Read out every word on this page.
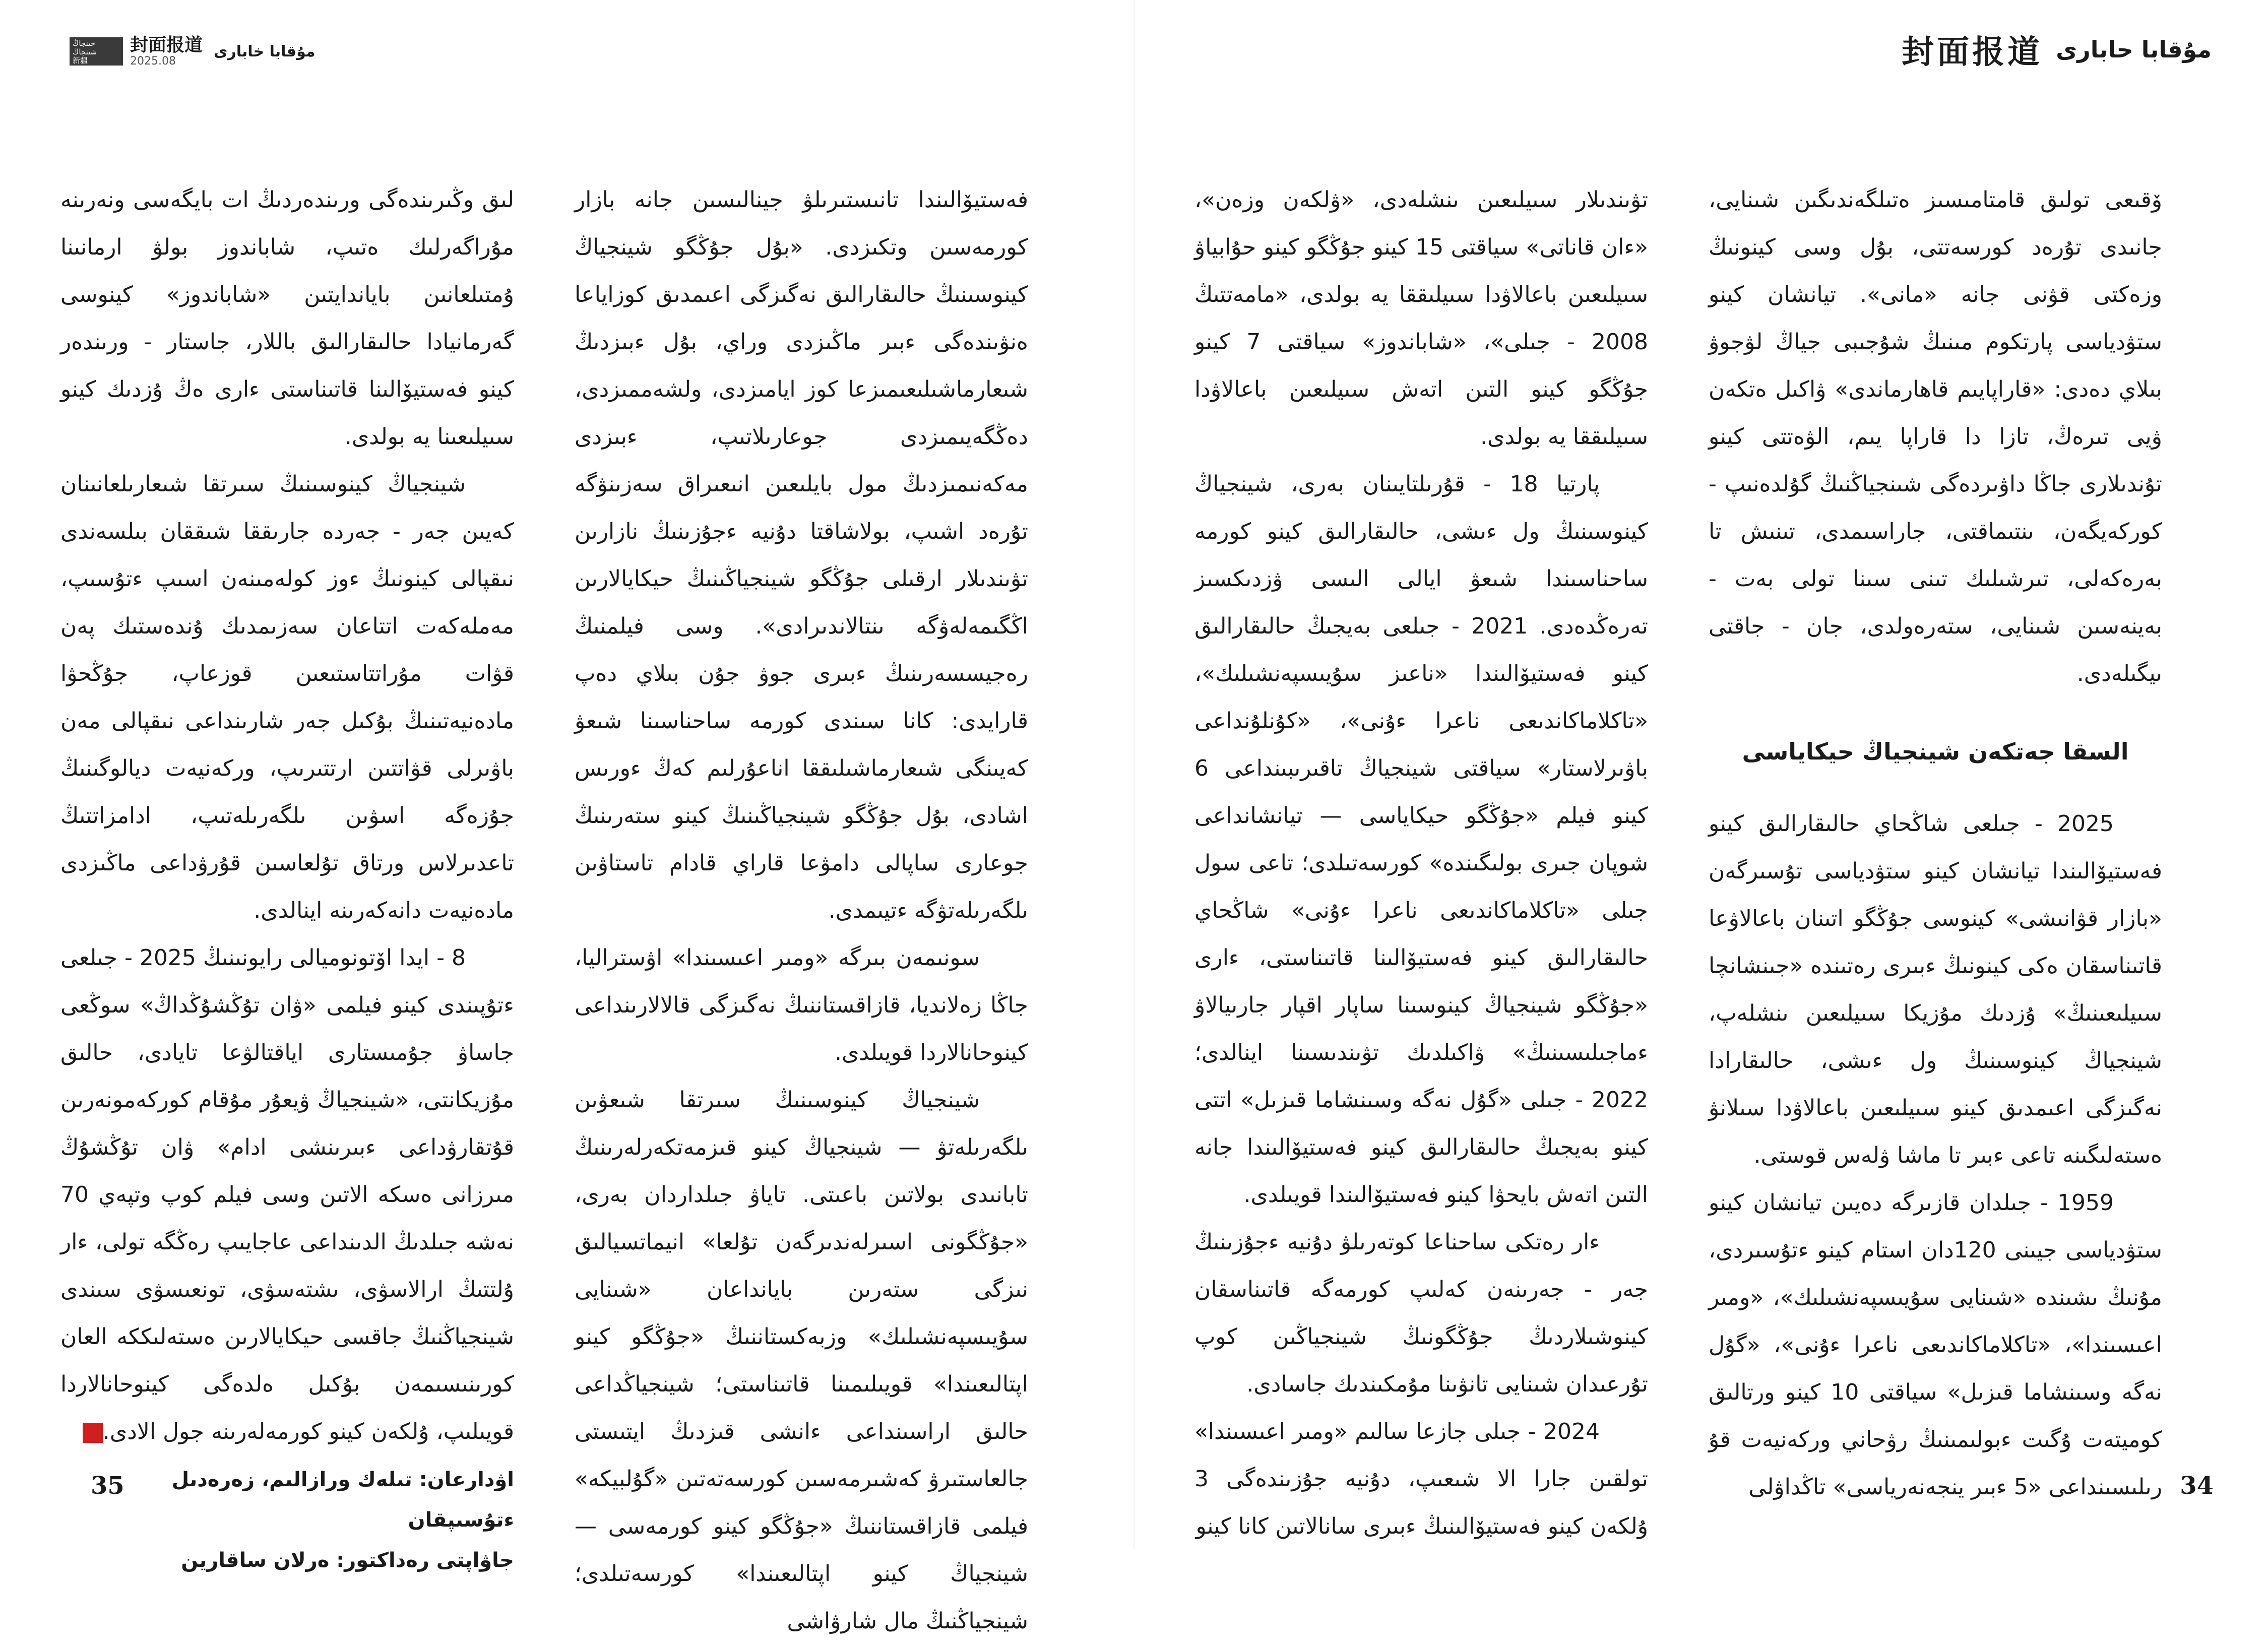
خىنجاڭ
شىنجاڭ
新疆
封面报道
2025.08
مۇقابا خابارى

لىق وڭىرىندەگى ورىندەردىڭ ات بايگەسى ونەرىنە مۇراگەرلىك ەتىپ، شاباندوز بولۋ ارمانىنا ۇمتىلعانىن باياندايتىن «شاباندوز» كينوسى گەرمانيادا حالىقارالىق باللار، جاستار - ورىندەر كينو فەستيۆالىنا قاتىناستى ءارى ەڭ ۇزدىك كينو سىيلىعىنا يە بولدى.

شينجياڭ كينوسىنىڭ سىرتقا شىعارىلعانىنان كەيىن جەر - جەردە جارىققا شىققان بىلسەندى نىقپالى كينونىڭ ءوز كولەمىنەن اسىپ ءتۇسىپ، مەملەكەت اتتاعان سەزىمدىك ۇندەستىك پەن قۋات مۇراتتاستىعىن قوزعاپ، جۇڭحۋا مادەنيەتىنىڭ بۇكىل جەر شارىنداعى نىقپالى مەن باۋىرلى قۋاتتىن ارتتىرىپ، وركەنيەت ديالوگىنىڭ جۇزەگە اسۋىن ىلگەرىلەتىپ، ادامزاتتىڭ تاعدىرلاس ورتاق تۇلعاسىن قۇرۋداعى ماڭىزدى مادەنيەت دانەكەرىنە اينالدى.

8 - ايدا اۆتونوميالى رايونىنىڭ 2025 - جىلعى ءتۇپىندى كينو فيلمى «ۋان تۇڭشۇڭداڭ» سوڭعى جاساۋ جۇمىستارى اياقتالۋعا تايادى، حالىق مۇزيكانتى، «شينجياڭ ۋيعۇر مۇقام كوركەمونەرىن قۇتقارۋداعى ءبىرىنشى ادام» ۋان تۇڭشۇڭ مىرزانى ەسكە الاتىن وسى فيلم كوپ وتپەي 70 نەشە جىلدىڭ الدىنداعى عاجايىپ رەڭگە تولى، ءار ۇلتتىڭ ارالاسۋى، ىشتەسۋى، تونعىسۋى سىندى شينجياڭنىڭ جاقسى حيكايالارىن ەستەلىككە العان كورىنىسىمەن بۇكىل ەلدەگى كينوحانالاردا قويىلىپ، ۇلكەن كينو كورمەلەرىنە جول الادى.ق

اۋدارعان: تىلەك ورازالىم، زەرەدىل ءتۇسىپقان
جاۋاپتى رەداكتور: ەرلان ساقارين

فەستيۆالىندا تانىستىرىلۋ جينالىسىن جانە بازار كورمەسىن وتكىزدى. «بۇل جۇڭگو شينجياڭ كينوسىنىڭ حالىقارالىق نەگىزگى اعىمدىق كوزاياعا ەنۋىندەگى ءبىر ماڭىزدى وراي، بۇل ءبىزدىڭ شىعارماشىلىعىمىزعا كوز ايامىزدى، ولشەممىزدى، دەڭگەيىمىزدى جوعارىلاتىپ، ءبىزدى مەكەنىمىزدىڭ مول بايلىعىن انىعىراق سەزىنۋگە تۇرەد اشىپ، بولاشاقتا دۇنيە ءجۇزىنىڭ نازارىن تۋىندىلار ارقىلى جۇڭگو شينجياڭىنىڭ حيكايالارىن اڭگىمەلەۋگە ىنتالاندىرادى». وسى فيلمنىڭ رەجيسسەرىنىڭ ءبىرى جوۋ جۇن بىلاي دەپ قارايدى: كانا سىندى كورمە ساحناسىنا شىعۋ كەيىنگى شىعارماشىلىققا اناعۇرلىم كەڭ ءورىس اشادى، بۇل جۇڭگو شينجياڭىنىڭ كينو ستەرىنىڭ جوعارى ساپالى دامۋعا قاراي قادام تاستاۋىن ىلگەرىلەتۋگە ءتيىمدى.

سونىمەن بىرگە «ومىر اعىسىندا» اۋستراليا، جاڭا زەلانديا، قازاقستاننىڭ نەگىزگى قالالارىنداعى كينوحانالاردا قويىلدى.

شينجياڭ كينوسىنىڭ سىرتقا شىعۋىن ىلگەرىلەتۋ — شينجياڭ كينو قىزمەتكەرلەرىنىڭ تابانىدى بولاتىن باعىتى. تاياۋ جىلداردان بەرى، «جۇڭگونى اسىرلەندىرگەن تۇلعا» انيماتسيالىق نىزگى ستەرىن بايانداعان «شىنايى سۇيىسپەنشىلىك» وزبەكستاننىڭ «جۇڭگو كينو اپتالىعىندا» قويىلىمىنا قاتىناستى؛ شينجياڭداعى حالىق اراسىنداعى ءانشى قىزدىڭ ايتىستى جالعاستىرۋ كەشىرمەسىن كورسەتەتىن «گۇلبيكە» فيلمى قازاقستاننىڭ «جۇڭگو كينو كورمەسى — شينجياڭ كينو اپتالىعىندا» كورسەتىلدى؛ شينجياڭنىڭ مال شارۋاشى

35
封面报道 مۇقابا حابارى

تۋىندىلار سىيلىعىن ىنشلەدى، «ۋلكەن وزەن»، «ءان قاناتى» سياقتى 15 كينو جۇڭگو كينو حۇابياۋ سىيلىعىن باعالاۋدا سىيلىققا يە بولدى، «مامەتتىڭ 2008 - جىلى»، «شاباندوز» سياقتى 7 كينو جۇڭگو كينو التىن اتەش سىيلىعىن باعالاۋدا سىيلىققا يە بولدى.

پارتيا 18 - قۇرىلتايىنان بەرى، شينجياڭ كينوسىنىڭ ول ءىشى، حالىقارالىق كينو كورمە ساحناسىندا شىعۋ ايالى الىسى ۋزدىكسىز تەرەڭدەدى. 2021 - جىلعى بەيجىڭ حالىقارالىق كينو فەستيۆالىندا «ناعىز سۇيىسپەنشىلىك»، «تاكلاماكاندىعى ناعرا ءۇنى»، «كۇنلۇنداعى باۋىرلاستار» سياقتى شينجياڭ تاقىرىبىنداعى 6 كينو فيلم «جۇڭگو حيكاياسى — تيانشانداعى شوپان جىرى بولىگىندە» كورسەتىلدى؛ تاعى سول جىلى «تاكلاماكاندىعى ناعرا ءۇنى» شاڭحاي حالىقارالىق كينو فەستيۆالىنا قاتىناستى، ءارى «جۇڭگو شينجياڭ كينوسىنا ساپار اقپار جارىيالاۋ ءماجىلىسىنىڭ» ۋاكىلدىك تۋىندىسىنا اينالدى؛ 2022 - جىلى «گۇل نەگە وسىنشاما قىزىل» اتتى كينو بەيجىڭ حالىقارالىق كينو فەستيۆالىندا جانە التىن اتەش بايحۋا كينو فەستيۆالىندا قويىلدى.

ءار رەتكى ساحناعا كوتەرىلۋ دۇنيە ءجۇزىنىڭ جەر - جەرىنەن كەلىپ كورمەگە قاتىناسقان كينوشىلاردىڭ جۇڭگونىڭ شينجياڭىن كوپ تۇرعىدان شىنايى تانۋىنا مۇمكىندىك جاسادى.

2024 - جىلى جازعا سالىم «ومىر اعىسىندا» تولقىن جارا الا شىعىپ، دۇنيە جۇزىندەگى 3 ۇلكەن كينو فەستيۆالىنىڭ ءبىرى سانالاتىن كانا كينو

ۆقىعى تولىق قامتامىسىز ەتىلگەندىگىن شىنايى، جانىدى تۇرەد كورسەتتى، بۇل وسى كينونىڭ وزەكتى قۋنى جانە «مانى». تيانشان كينو ستۋدياسى پارتكوم مىنىڭ شۇجىبى جياڭ لۋجوۋ بىلاي دەدى: «قاراپايىم قاھارماندى» ۋاكىل ەتكەن ۋيى تىرەڭ، تازا دا قاراپا يىم، الۋەتتى كينو تۇندىلارى جاڭا داۋىردەگى شىنجياڭنىڭ گۇلدەنىپ - كوركەيگەن، ىنتىماقتى، جاراسىمدى، تىنىش تا بەرەكەلى، تىرشىلىك تىنى سىنا تولى بەت - بەينەسىن شىنايى، ستەرەولدى، جان - جاقتى ىيگىلەدى.

السقا جەتكەن شينجياڭ حيكاياسى

2025 - جىلعى شاڭحاي حالىقارالىق كينو فەستيۆالىندا تيانشان كينو ستۋدياسى تۇسىرگەن «بازار قۋانىشى» كينوسى جۇڭگو اتىنان باعالاۋعا قاتىناسقان ەكى كينونىڭ ءبىرى رەتىندە «جىنشانچا سىيلىعىنىڭ» ۇزدىك مۇزيكا سىيلىعىن ىنشلەپ، شينجياڭ كينوسىنىڭ ول ءىشى، حالىقارادا نەگىزگى اعىمدىق كينو سىيلىعىن باعالاۋدا سىلانۋ ەستەلىگىنە تاعى ءبىر تا ماشا ۋلەس قوستى.

1959 - جىلدان قازىرگە دەيىن تيانشان كينو ستۋدياسى جيىنى 120دان استام كينو ءتۇسىردى، مۇنىڭ ىشىندە «شىنايى سۇيىسپەنشىلىك»، «ومىر اعىسىندا»، «تاكلاماكاندىعى ناعرا ءۇنى»، «گۇل نەگە وسىنشاما قىزىل» سياقتى 10 كينو ورتالىق كوميتەت ۇگىت ءبولىمىنىڭ رۋحاني وركەنيەت قۇ رىلىسىنداعى «5 ءبىر ينجەنەرياسى» تاڭداۋلى 34
